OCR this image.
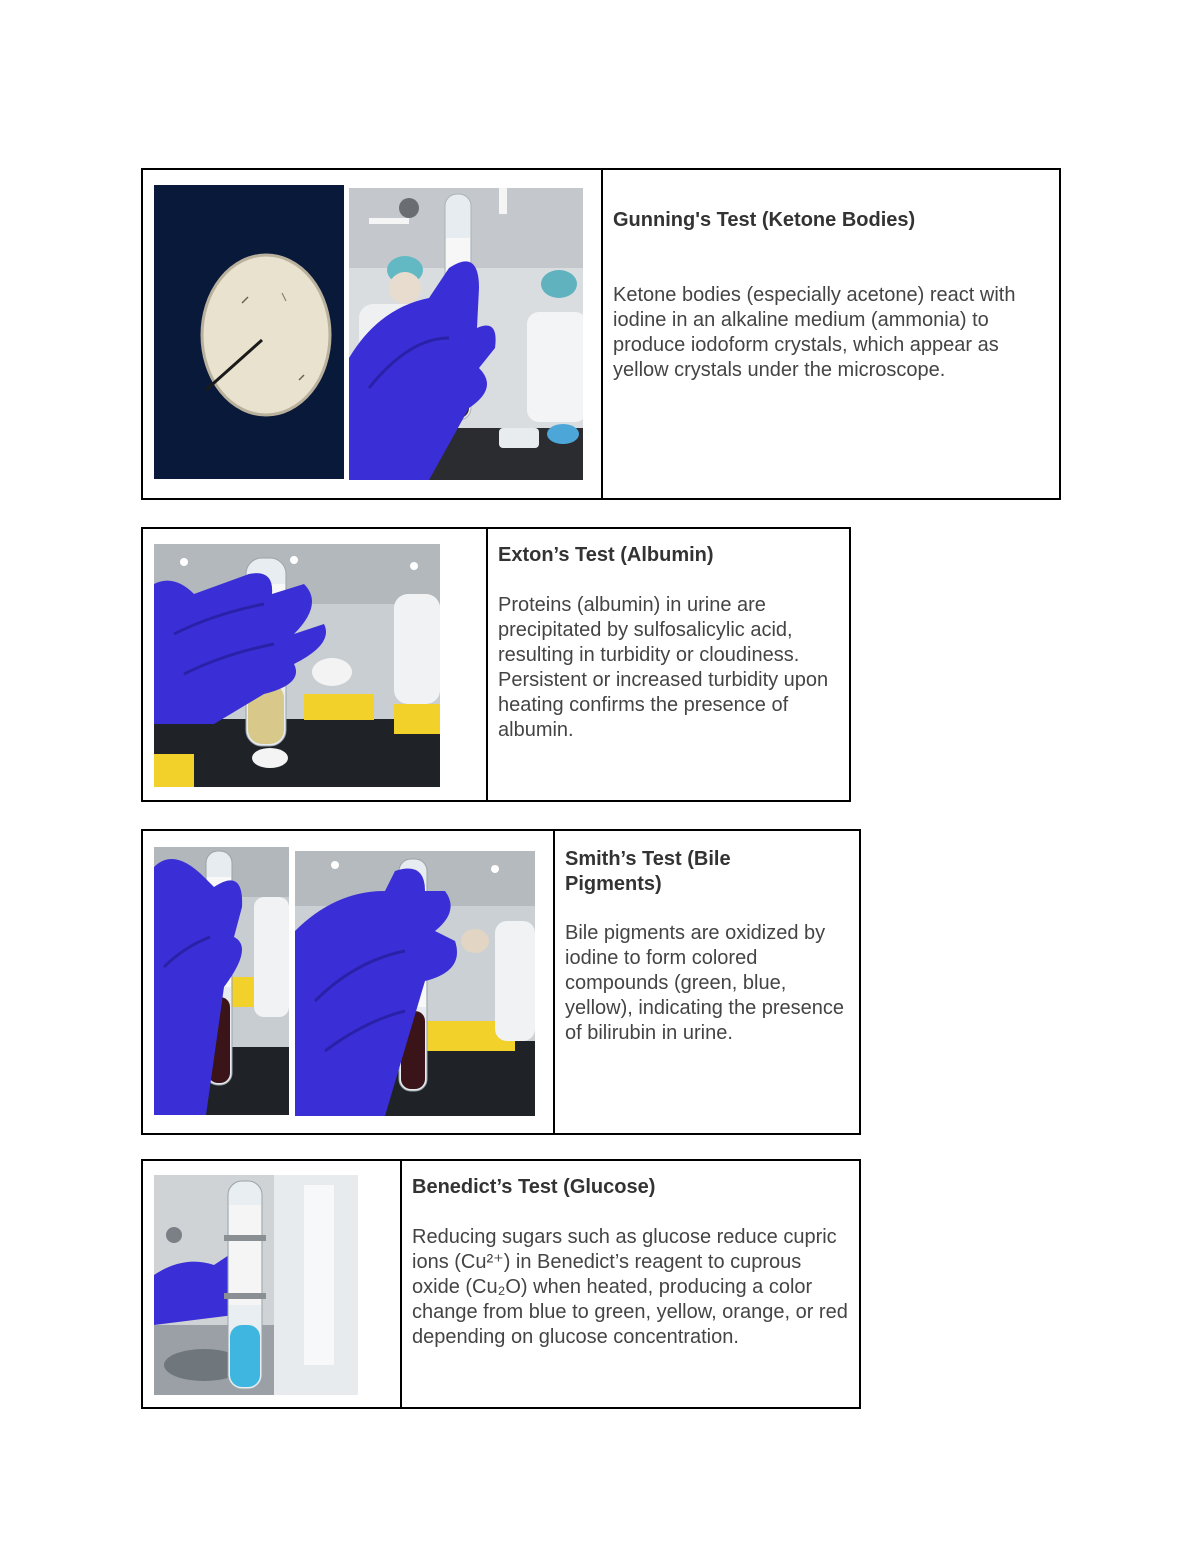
Gunning's Test (Ketone Bodies)
Ketone bodies (especially acetone) react with iodine in an alkaline medium (ammonia) to produce iodoform crystals, which appear as yellow crystals under the microscope.
Exton’s Test (Albumin)
Proteins (albumin) in urine are precipitated by sulfosalicylic acid, resulting in turbidity or cloudiness. Persistent or increased turbidity upon heating confirms the presence of albumin.
Smith’s Test (Bile Pigments)
Bile pigments are oxidized by iodine to form colored compounds (green, blue, yellow), indicating the presence of bilirubin in urine.
Benedict’s Test (Glucose)
Reducing sugars such as glucose reduce cupric ions (Cu²⁺) in Benedict’s reagent to cuprous oxide (Cu₂O) when heated, producing a color change from blue to green, yellow, orange, or red depending on glucose concentration.
